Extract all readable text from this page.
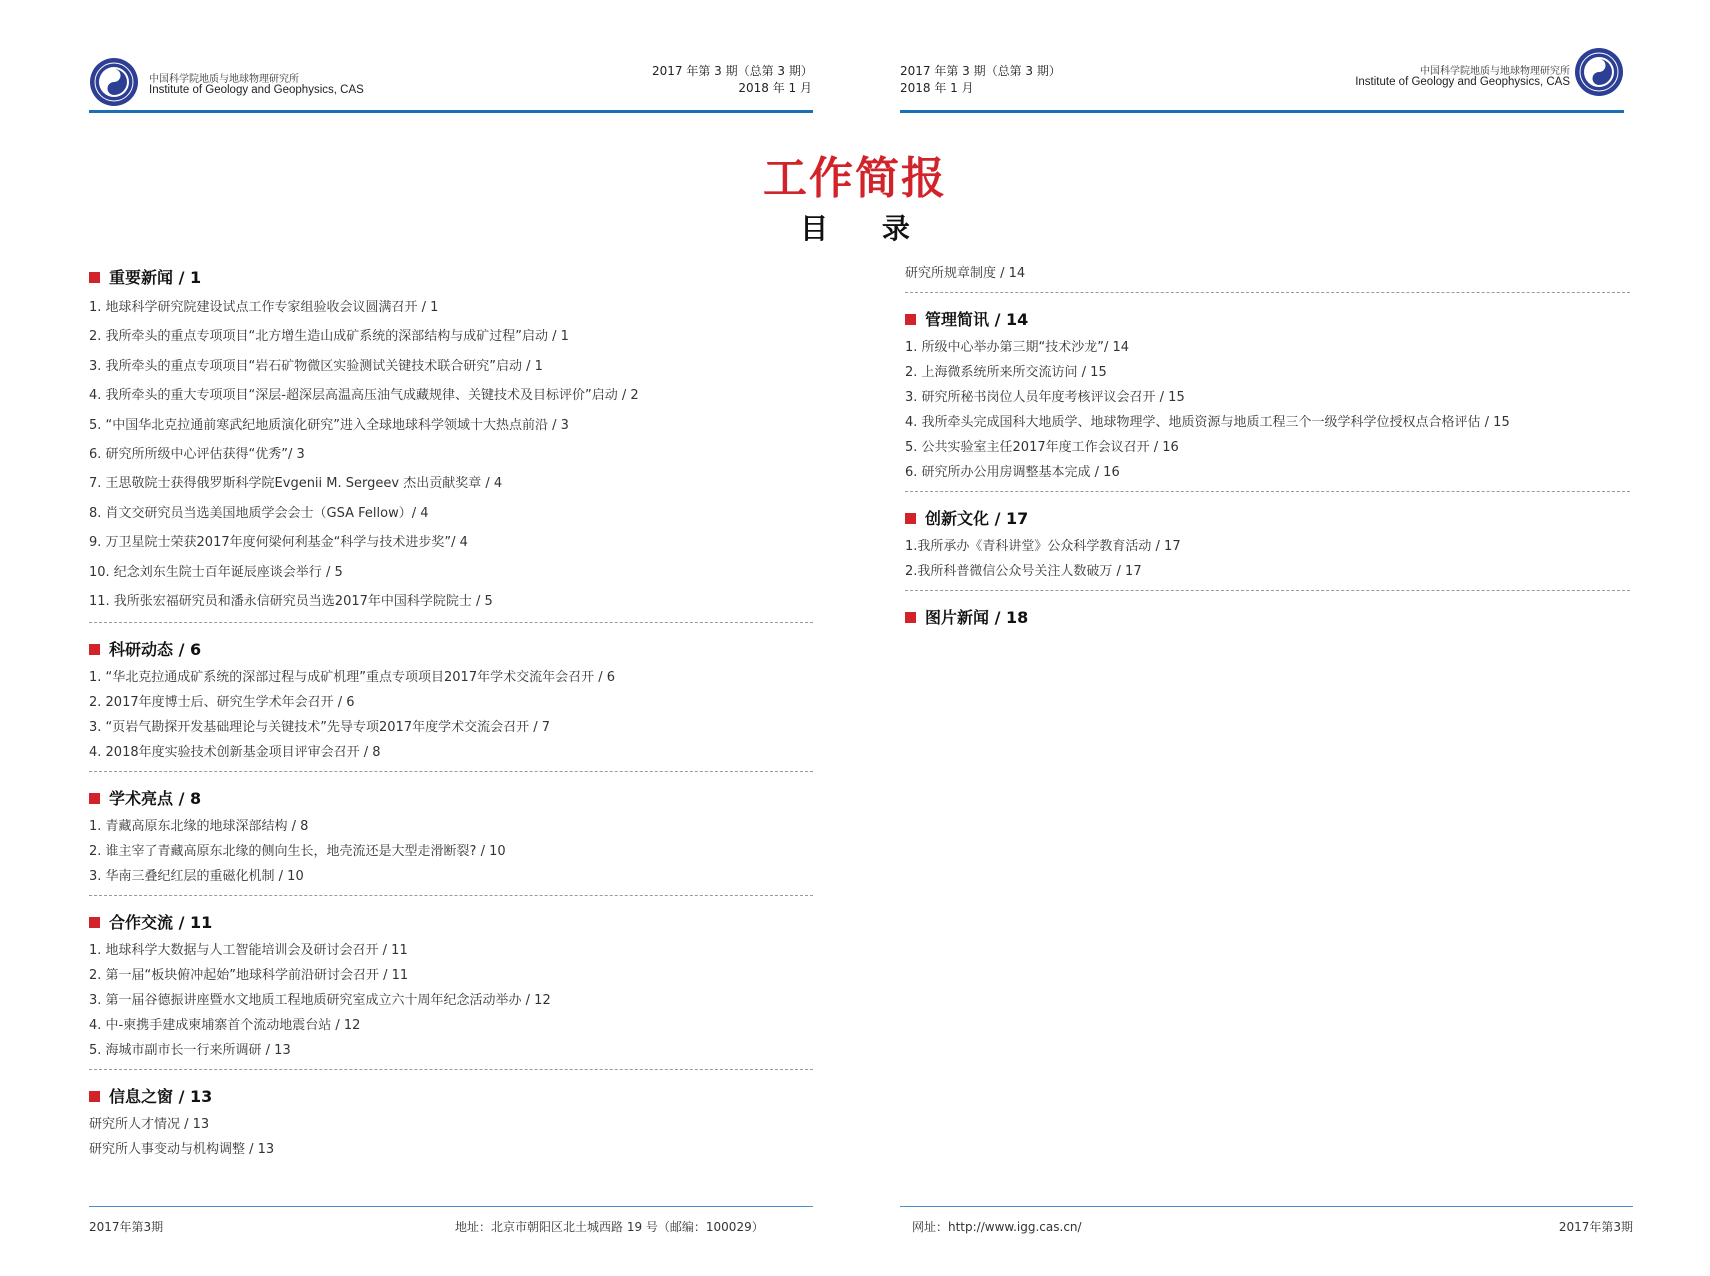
中国科学院地质与地球物理研究所
Institute of Geology and Geophysics, CAS
2017 年第 3 期（总第 3 期）
2018 年 1 月
2017 年第 3 期（总第 3 期）
2018 年 1 月
中国科学院地质与地球物理研究所
Institute of Geology and Geophysics, CAS
工作简报
目 录
重要新闻 / 1
1. 地球科学研究院建设试点工作专家组验收会议圆满召开 / 1
2. 我所牵头的重点专项项目“北方增生造山成矿系统的深部结构与成矿过程”启动 / 1
3. 我所牵头的重点专项项目“岩石矿物微区实验测试关键技术联合研究”启动 / 1
4. 我所牵头的重大专项项目“深层-超深层高温高压油气成藏规律、关键技术及目标评价”启动 / 2
5. “中国华北克拉通前寒武纪地质演化研究”进入全球地球科学领域十大热点前沿 / 3
6. 研究所所级中心评估获得“优秀”/ 3
7. 王思敬院士获得俄罗斯科学院Evgenii M. Sergeev 杰出贡献奖章 / 4
8. 肖文交研究员当选美国地质学会会士（GSA Fellow）/ 4
9. 万卫星院士荣获2017年度何梁何利基金“科学与技术进步奖”/ 4
10. 纪念刘东生院士百年诞辰座谈会举行 / 5
11. 我所张宏福研究员和潘永信研究员当选2017年中国科学院院士 / 5
科研动态 / 6
1. “华北克拉通成矿系统的深部过程与成矿机理”重点专项项目2017年学术交流年会召开 / 6
2. 2017年度博士后、研究生学术年会召开 / 6
3. “页岩气勘探开发基础理论与关键技术”先导专项2017年度学术交流会召开 / 7
4. 2018年度实验技术创新基金项目评审会召开 / 8
学术亮点 / 8
1. 青藏高原东北缘的地球深部结构 / 8
2. 谁主宰了青藏高原东北缘的侧向生长，地壳流还是大型走滑断裂? / 10
3. 华南三叠纪红层的重磁化机制 / 10
合作交流 / 11
1. 地球科学大数据与人工智能培训会及研讨会召开 / 11
2. 第一届“板块俯冲起始”地球科学前沿研讨会召开 / 11
3. 第一届谷德振讲座暨水文地质工程地质研究室成立六十周年纪念活动举办 / 12
4. 中-柬携手建成柬埔寨首个流动地震台站 / 12
5. 海城市副市长一行来所调研 / 13
信息之窗 / 13
研究所人才情况 / 13
研究所人事变动与机构调整 / 13
研究所规章制度 / 14
管理简讯 / 14
1. 所级中心举办第三期“技术沙龙”/ 14
2. 上海微系统所来所交流访问 / 15
3. 研究所秘书岗位人员年度考核评议会召开 / 15
4. 我所牵头完成国科大地质学、地球物理学、地质资源与地质工程三个一级学科学位授权点合格评估 / 15
5. 公共实验室主任2017年度工作会议召开 / 16
6. 研究所办公用房调整基本完成 / 16
创新文化 / 17
1.我所承办《青科讲堂》公众科学教育活动 / 17
2.我所科普微信公众号关注人数破万 / 17
图片新闻 / 18
2017年第3期	地址：北京市朝阳区北土城西路 19 号（邮编：100029）	网址：http://www.igg.cas.cn/	2017年第3期
